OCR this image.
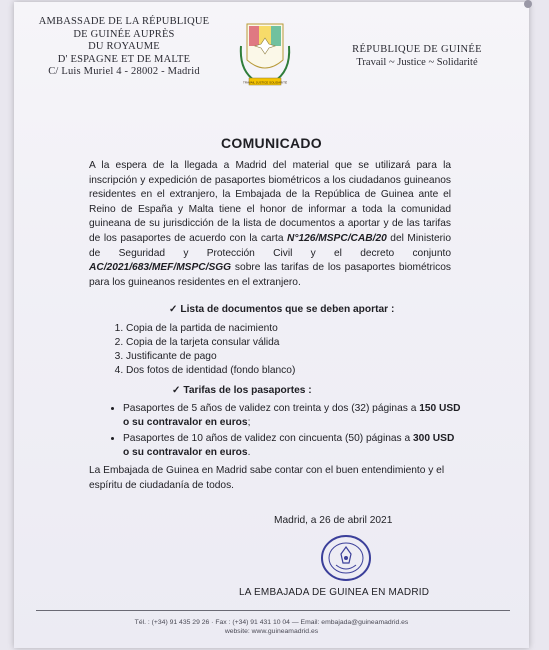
AMBASSADE DE LA RÉPUBLIQUE
DE GUINÉE AUPRÈS
DU ROYAUME
D' ESPAGNE ET DE MALTE
C/ Luis Muriel 4 - 28002 - Madrid
TRAVAIL JUSTICE SOLIDARITÉ
RÉPUBLIQUE DE GUINÉE
Travail ~ Justice ~ Solidarité
COMUNICADO
A la espera de la llegada a Madrid del material que se utilizará para la inscripción y expedición de pasaportes biométricos a los ciudadanos guineanos residentes en el extranjero, la Embajada de la República de Guinea ante el Reino de España y Malta tiene el honor de informar a toda la comunidad guineana de su jurisdicción de la lista de documentos a aportar y de las tarifas de los pasaportes de acuerdo con la carta N°126/MSPC/CAB/20 del Ministerio de Seguridad y Protección Civil y el decreto conjunto AC/2021/683/MEF/MSPC/SGG sobre las tarifas de los pasaportes biométricos para los guineanos residentes en el extranjero.
✓ Lista de documentos que se deben aportar :
1. Copia de la partida de nacimiento
2. Copia de la tarjeta consular válida
3. Justificante de pago
4. Dos fotos de identidad (fondo blanco)
✓ Tarifas de los pasaportes :
• Pasaportes de 5 años de validez con treinta y dos (32) páginas a 150 USD o su contravalor en euros;
• Pasaportes de 10 años de validez con cincuenta (50) páginas a 300 USD o su contravalor en euros.
La Embajada de Guinea en Madrid sabe contar con el buen entendimiento y el espíritu de ciudadanía de todos.
Madrid, a 26 de abril 2021
LA EMBAJADA DE GUINEA EN MADRID
Tél. : (+34) 91 435 29 26 · Fax : (+34) 91 431 10 04 — Email: embajada@guineamadrid.es
website: www.guineamadrid.es
